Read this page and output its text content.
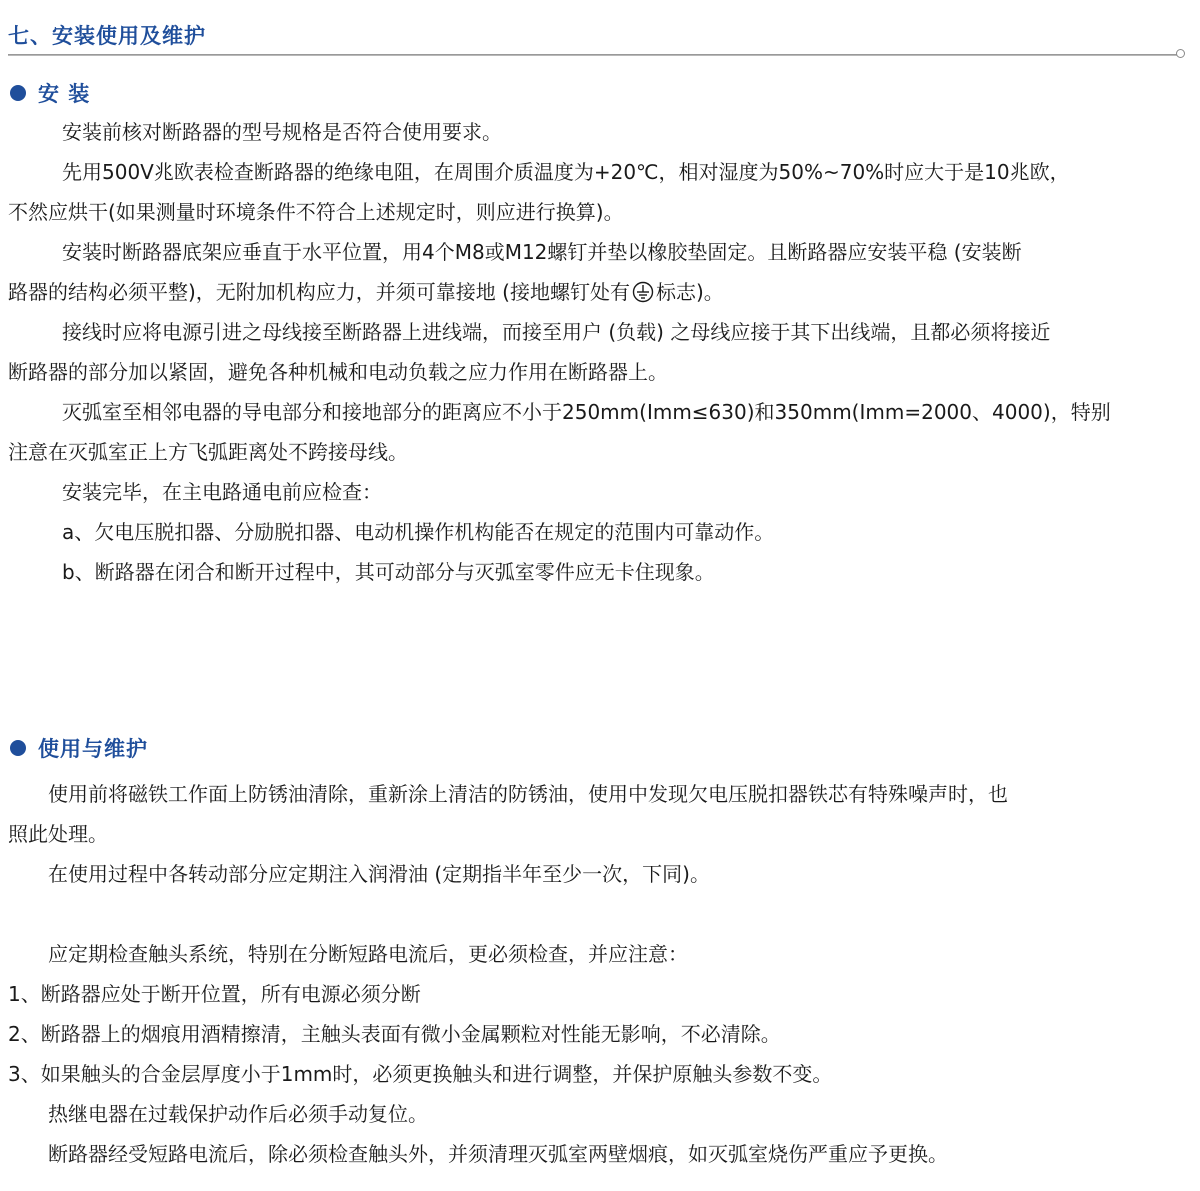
七、安装使用及维护
安 装
安装前核对断路器的型号规格是否符合使用要求。
先用500V兆欧表检查断路器的绝缘电阻，在周围介质温度为+20℃，相对湿度为50%~70%时应大于是10兆欧，
不然应烘干(如果测量时环境条件不符合上述规定时，则应进行换算)。
安装时断路器底架应垂直于水平位置，用4个M8或M12螺钉并垫以橡胶垫固定。且断路器应安装平稳 (安装断
路器的结构必须平整)，无附加机构应力，并须可靠接地 (接地螺钉处有 标志)。
接线时应将电源引进之母线接至断路器上进线端，而接至用户 (负载) 之母线应接于其下出线端，且都必须将接近
断路器的部分加以紧固，避免各种机械和电动负载之应力作用在断路器上。
灭弧室至相邻电器的导电部分和接地部分的距离应不小于250mm(Imm≤630)和350mm(Imm=2000、4000)，特别
注意在灭弧室正上方飞弧距离处不跨接母线。
安装完毕，在主电路通电前应检查：
a、欠电压脱扣器、分励脱扣器、电动机操作机构能否在规定的范围内可靠动作。
b、断路器在闭合和断开过程中，其可动部分与灭弧室零件应无卡住现象。
使用与维护
使用前将磁铁工作面上防锈油清除，重新涂上清洁的防锈油，使用中发现欠电压脱扣器铁芯有特殊噪声时，也
照此处理。
在使用过程中各转动部分应定期注入润滑油 (定期指半年至少一次，下同)。
应定期检查触头系统，特别在分断短路电流后，更必须检查，并应注意：
1、断路器应处于断开位置，所有电源必须分断
2、断路器上的烟痕用酒精擦清，主触头表面有微小金属颗粒对性能无影响，不必清除。
3、如果触头的合金层厚度小于1mm时，必须更换触头和进行调整，并保护原触头参数不变。
热继电器在过载保护动作后必须手动复位。
断路器经受短路电流后，除必须检查触头外，并须清理灭弧室两壁烟痕，如灭弧室烧伤严重应予更换。
